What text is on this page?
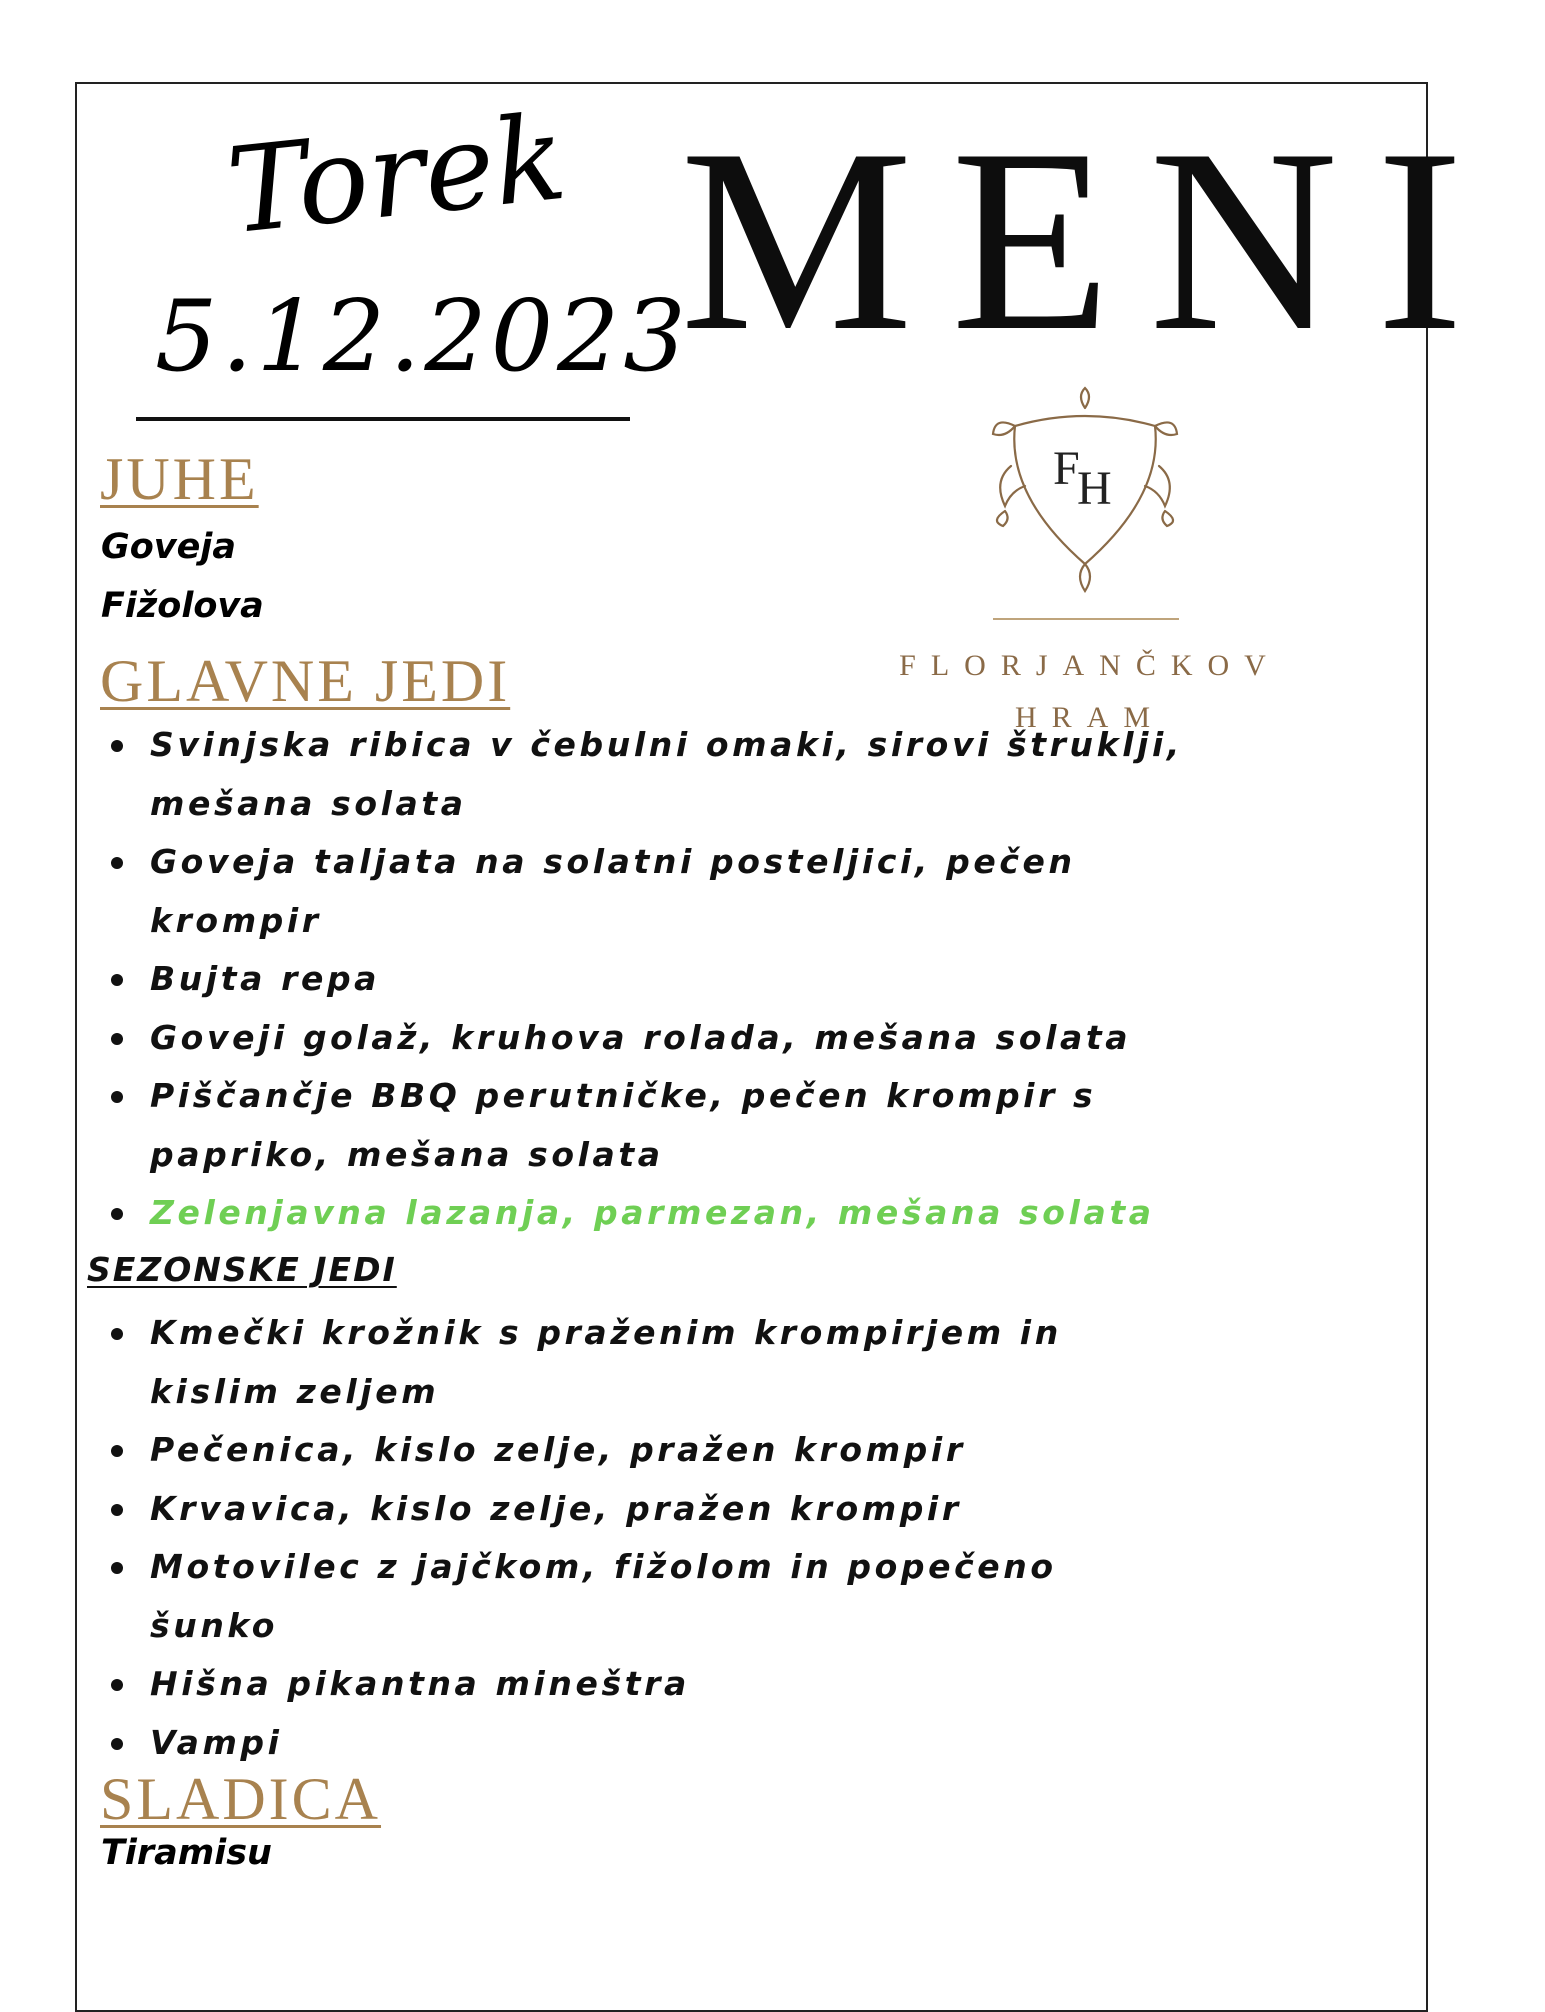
Torek
5.12.2023
MENI
F
H
FLORJANČKOV
HRAM
JUHE
Goveja
Fižolova
GLAVNE JEDI
Svinjska ribica v čebulni omaki, sirovi štruklji, mešana solata
Goveja taljata na solatni posteljici, pečen krompir
Bujta repa
Goveji golaž, kruhova rolada, mešana solata
Piščančje BBQ perutničke, pečen krompir s papriko, mešana solata
Zelenjavna lazanja, parmezan, mešana solata
SEZONSKE JEDI
Kmečki krožnik s praženim krompirjem in kislim zeljem
Pečenica, kislo zelje, pražen krompir
Krvavica, kislo zelje, pražen krompir
Motovilec z jajčkom, fižolom in popečeno šunko
Hišna pikantna mineštra
Vampi
SLADICA
Tiramisu
